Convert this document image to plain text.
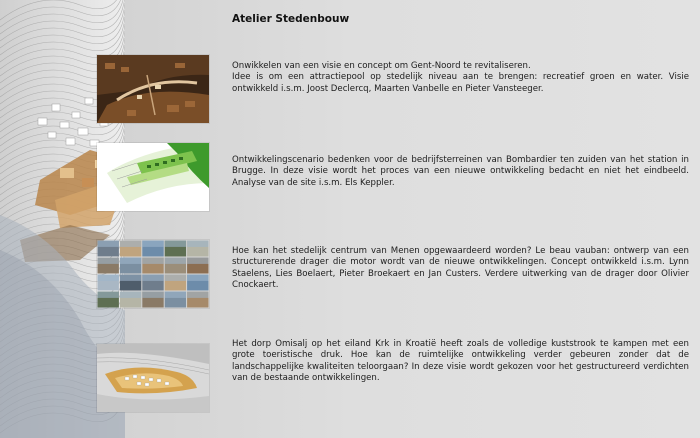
Atelier Stedenbouw

Onwikkelen van een visie en concept om Gent-Noord te revitaliseren.

Idee is om een attractiepool op stedelijk niveau aan te brengen: recreatief groen en water. Visie ontwikkeld i.s.m. Joost Declercq, Maarten Vanbelle en Pieter Vansteeger.

Ontwikkelingscenario bedenken voor de bedrijfsterreinen van Bombardier ten zuiden van het station in Brugge. In deze visie wordt het proces van een nieuwe ontwikkeling bedacht en niet het eindbeeld. Analyse van de site i.s.m. Els Keppler.

Hoe kan het stedelijk centrum van Menen opgewaardeerd worden? Le beau vauban: ontwerp van een structurerende drager die motor wordt van de nieuwe ontwikkelingen. Concept ontwikkeld i.s.m. Lynn Staelens, Lies Boelaert, Pieter Broekaert en Jan Custers. Verdere uitwerking van de drager door Olivier Cnockaert.

Het dorp Omisalj op het eiland Krk in Kroatië heeft zoals de volledige kuststrook te kampen met een grote toeristische druk. Hoe kan de ruimtelijke ontwikkeling verder gebeuren zonder dat de landschappelijke kwaliteiten teloorgaan? In deze visie wordt gekozen voor het gestructureerd verdichten van de bestaande ontwikkelingen.
